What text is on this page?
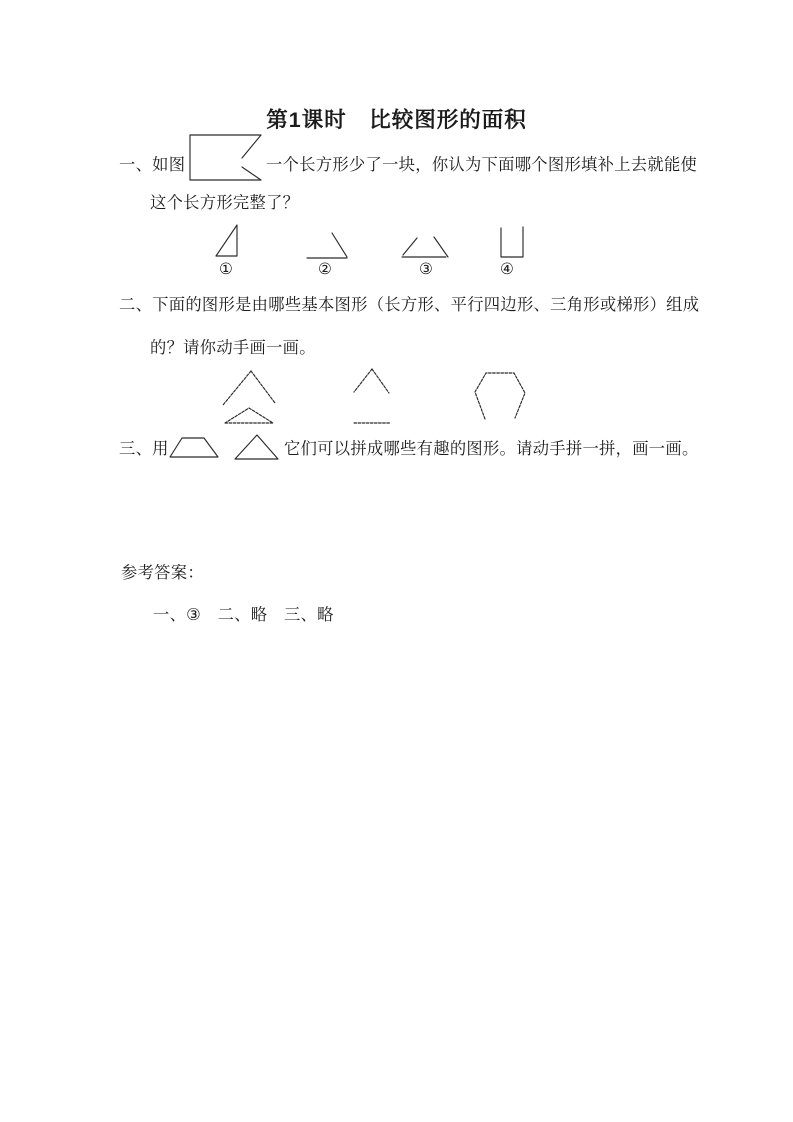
第1课时　比较图形的面积
一、如图	一个长方形少了一块，你认为下面哪个图形填补上去就能使
这个长方形完整了？
①	②	③	④
二、下面的图形是由哪些基本图形（长方形、平行四边形、三角形或梯形）组成
的？请你动手画一画。
三、用	它们可以拼成哪些有趣的图形。请动手拼一拼，画一画。
参考答案：
一、③　二、略　三、略
